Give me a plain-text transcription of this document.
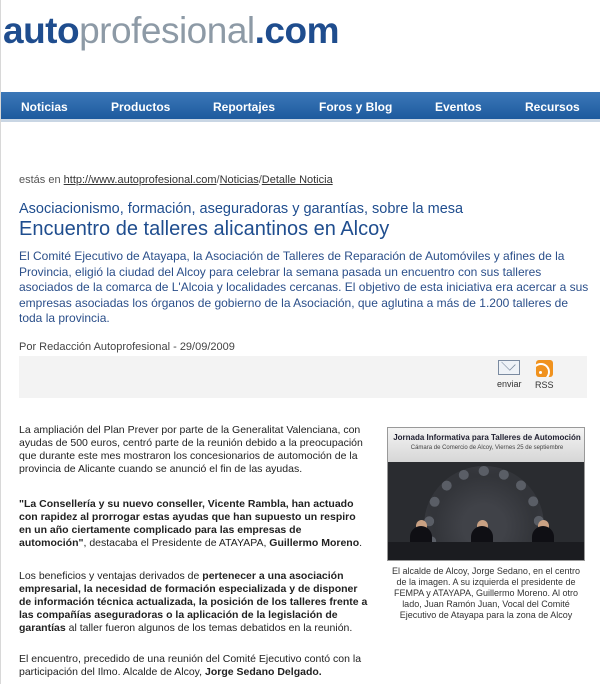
autoprofesional.com
Noticias	Productos	Reportajes	Foros y Blog	Eventos	Recursos
estás en http://www.autoprofesional.com/Noticias/Detalle Noticia
Asociacionismo, formación, aseguradoras y garantías, sobre la mesa
Encuentro de talleres alicantinos en Alcoy
El Comité Ejecutivo de Atayapa, la Asociación de Talleres de Reparación de Automóviles y afines de la Provincia, eligió la ciudad del Alcoy para celebrar la semana pasada un encuentro con sus talleres asociados de la comarca de L'Alcoia y localidades cercanas. El objetivo de esta iniciativa era acercar a sus empresas asociadas los órganos de gobierno de la Asociación, que aglutina a más de 1.200 talleres de toda la provincia.
Por Redacción Autoprofesional - 29/09/2009
enviar RSS
La ampliación del Plan Prever por parte de la Generalitat Valenciana, con ayudas de 500 euros, centró parte de la reunión debido a la preocupación que durante este mes mostraron los concesionarios de automoción de la provincia de Alicante cuando se anunció el fin de las ayudas.
"La Consellería y su nuevo conseller, Vicente Rambla, han actuado con rapidez al prorrogar estas ayudas que han supuesto un respiro en un año ciertamente complicado para las empresas de automoción", destacaba el Presidente de ATAYAPA, Guillermo Moreno.
Los beneficios y ventajas derivados de pertenecer a una asociación empresarial, la necesidad de formación especializada y de disponer de información técnica actualizada, la posición de los talleres frente a las compañías aseguradoras o la aplicación de la legislación de garantías al taller fueron algunos de los temas debatidos en la reunión.
El encuentro, precedido de una reunión del Comité Ejecutivo contó con la participación del Ilmo. Alcalde de Alcoy, Jorge Sedano Delgado.
Jornada Informativa para Talleres de Automoción
Cámara de Comercio de Alcoy, Viernes 25 de septiembre
El alcalde de Alcoy, Jorge Sedano, en el centro de la imagen. A su izquierda el presidente de FEMPA y ATAYAPA, Guillermo Moreno. Al otro lado, Juan Ramón Juan, Vocal del Comité Ejecutivo de Atayapa para la zona de Alcoy
